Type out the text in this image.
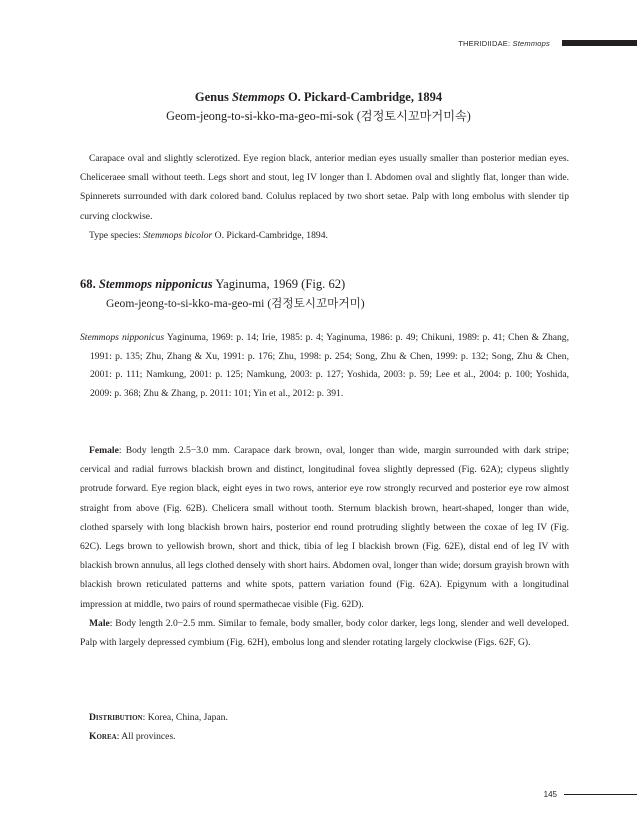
THERIDIIDAE: Stemmops
Genus Stemmops O. Pickard-Cambridge, 1894
Geom-jeong-to-si-kko-ma-geo-mi-sok (검정토시꼬마거미속)

Carapace oval and slightly sclerotized. Eye region black, anterior median eyes usually smaller than posterior median eyes. Cheliceraee small without teeth. Legs short and stout, leg IV longer than I. Abdomen oval and slightly flat, longer than wide. Spinnerets surrounded with dark colored band. Colulus replaced by two short setae. Palp with long embolus with slender tip curving clockwise.

Type species: Stemmops bicolor O. Pickard-Cambridge, 1894.

68. Stemmops nipponicus Yaginuma, 1969 (Fig. 62)
Geom-jeong-to-si-kko-ma-geo-mi (검정토시꼬마거미)

Stemmops nipponicus Yaginuma, 1969: p. 14; Irie, 1985: p. 4; Yaginuma, 1986: p. 49; Chikuni, 1989: p. 41; Chen & Zhang, 1991: p. 135; Zhu, Zhang & Xu, 1991: p. 176; Zhu, 1998: p. 254; Song, Zhu & Chen, 1999: p. 132; Song, Zhu & Chen, 2001: p. 111; Namkung, 2001: p. 125; Namkung, 2003: p. 127; Yoshida, 2003: p. 59; Lee et al., 2004: p. 100; Yoshida, 2009: p. 368; Zhu & Zhang, p. 2011: 101; Yin et al., 2012: p. 391.

Female: Body length 2.5−3.0 mm. Carapace dark brown, oval, longer than wide, margin surrounded with dark stripe; cervical and radial furrows blackish brown and distinct, longitudinal fovea slightly depressed (Fig. 62A); clypeus slightly protrude forward. Eye region black, eight eyes in two rows, anterior eye row strongly recurved and posterior eye row almost straight from above (Fig. 62B). Chelicera small without tooth. Sternum blackish brown, heart-shaped, longer than wide, clothed sparsely with long blackish brown hairs, posterior end round protruding slightly between the coxae of leg IV (Fig. 62C). Legs brown to yellowish brown, short and thick, tibia of leg I blackish brown (Fig. 62E), distal end of leg IV with blackish brown annulus, all legs clothed densely with short hairs. Abdomen oval, longer than wide; dorsum grayish brown with blackish brown reticulated patterns and white spots, pattern variation found (Fig. 62A). Epigynum with a longitudinal impression at middle, two pairs of round spermathecae visible (Fig. 62D).

Male: Body length 2.0−2.5 mm. Similar to female, body smaller, body color darker, legs long, slender and well developed. Palp with largely depressed cymbium (Fig. 62H), embolus long and slender rotating largely clockwise (Figs. 62F, G).

Distribution: Korea, China, Japan.
Korea: All provinces.
145
